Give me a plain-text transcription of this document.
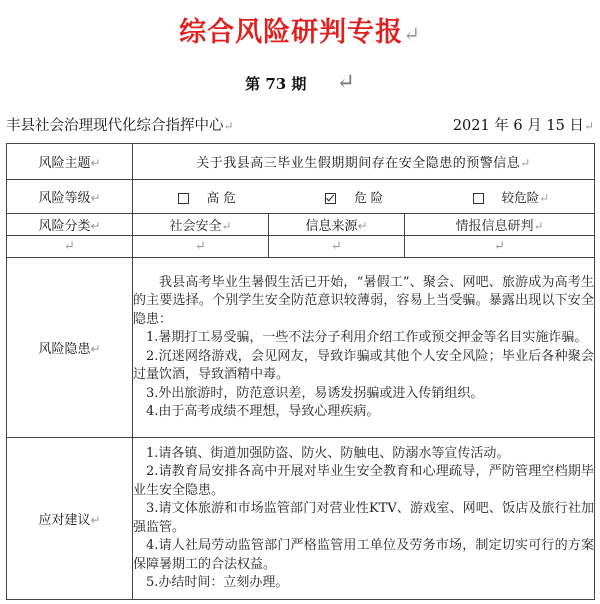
综合风险研判专报↵
第 73 期 ↵
丰县社会治理现代化综合指挥中心↵	2021 年 6 月 15 日↵
风险主题↵	关于我县高三毕业生假期期间存在安全隐患的预警信息↵		
风险等级↵	高 危 危 险 较危险↵		

风险分类↵	社会安全↵	信息来源↵	情报信息研判↵
↵	↵	↵	↵
风险隐患↵	我县高考毕业生暑假生活已开始，“暑假工”、聚会、网吧、旅游成为高考生的主要选择。个别学生安全防范意识较薄弱，容易上当受骗。暴露出现以下安全隐患：

1.暑期打工易受骗，一些不法分子利用介绍工作或预交押金等名目实施诈骗。

2.沉迷网络游戏，会见网友，导致诈骗或其他个人安全风险；毕业后各种聚会过量饮酒，导致酒精中毒。

3.外出旅游时，防范意识差，易诱发拐骗或进入传销组织。

4.由于高考成绩不理想，导致心理疾病。		

应对建议↵	1.请各镇、街道加强防盗、防火、防触电、防溺水等宣传活动。

2.请教育局安排各高中开展对毕业生安全教育和心理疏导，严防管理空档期毕业生安全隐患。

3.请文体旅游和市场监管部门对营业性KTV、游戏室、网吧、饭店及旅行社加强监管。

4.请人社局劳动监管部门严格监管用工单位及劳务市场，制定切实可行的方案保障暑期工的合法权益。

5.办结时间：立刻办理。		
